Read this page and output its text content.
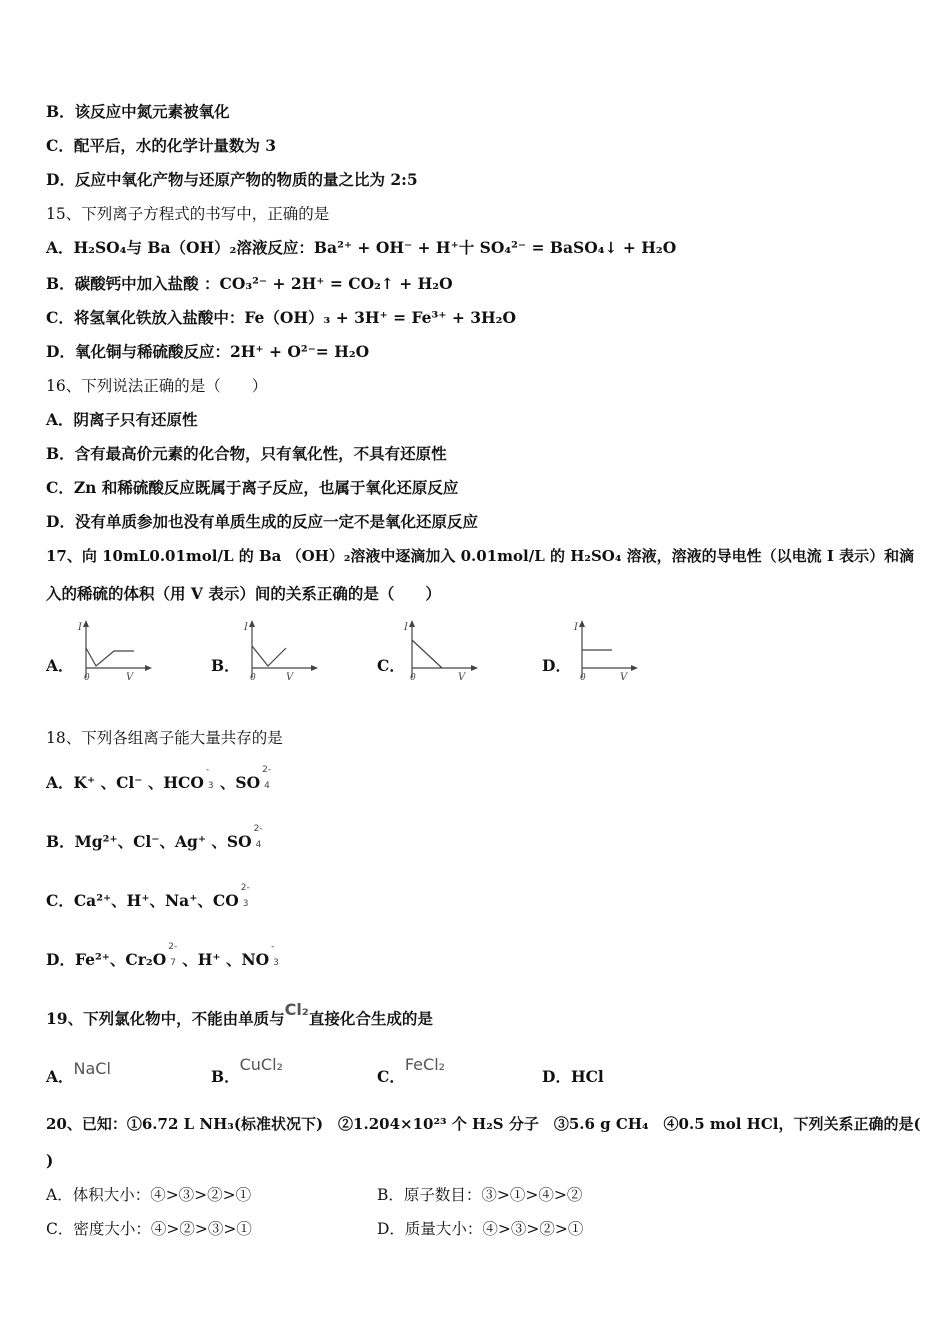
B．该反应中氮元素被氧化
C．配平后，水的化学计量数为 3
D．反应中氧化产物与还原产物的物质的量之比为 2:5
15、下列离子方程式的书写中，正确的是
A．H₂SO₄与 Ba（OH）₂溶液反应：Ba²⁺ + OH⁻ + H⁺十 SO₄²⁻ = BaSO₄↓ + H₂O
B．碳酸钙中加入盐酸 ：CO₃²⁻ + 2H⁺ = CO₂↑ + H₂O
C．将氢氧化铁放入盐酸中：Fe（OH）₃ + 3H⁺ = Fe³⁺ + 3H₂O
D．氧化铜与稀硫酸反应：2H⁺ + O²⁻= H₂O
16、下列说法正确的是（　　）
A．阴离子只有还原性
B．含有最高价元素的化合物，只有氧化性，不具有还原性
C．Zn 和稀硫酸反应既属于离子反应，也属于氧化还原反应
D．没有单质参加也没有单质生成的反应一定不是氧化还原反应
17、向 10mL0.01mol/L 的 Ba （OH）₂溶液中逐滴加入 0.01mol/L 的 H₂SO₄ 溶液，溶液的导电性（以电流 I 表示）和滴
入的稀硫的体积（用 V 表示）间的关系正确的是（　　）
A．
I
0	V
B．
I
0	V
C．
I
0	V
D．
I
0	V
18、下列各组离子能大量共存的是
A．K⁺ 、Cl⁻ 、HCO
-
3 、SO
2-
4
B．Mg²⁺、Cl⁻、Ag⁺ 、SO
2-
4
C．Ca²⁺、H⁺、Na⁺、CO
2-
3
D．Fe²⁺、Cr₂O
2-
7 、H⁺ 、NO
-
3
19、下列氯化物中，不能由单质与Cl₂直接化合生成的是
A．NaCl	B．CuCl₂
C．FeCl₂
D．HCl
20、已知：①6.72 L NH₃(标准状况下)　②1.204×10²³ 个 H₂S 分子　③5.6 g CH₄　④0.5 mol HCl，下列关系正确的是(
)
A．体积大小：④>③>②>①	B．原子数目：③>①>④>②
C．密度大小：④>②>③>①	D．质量大小：④>③>②>①
